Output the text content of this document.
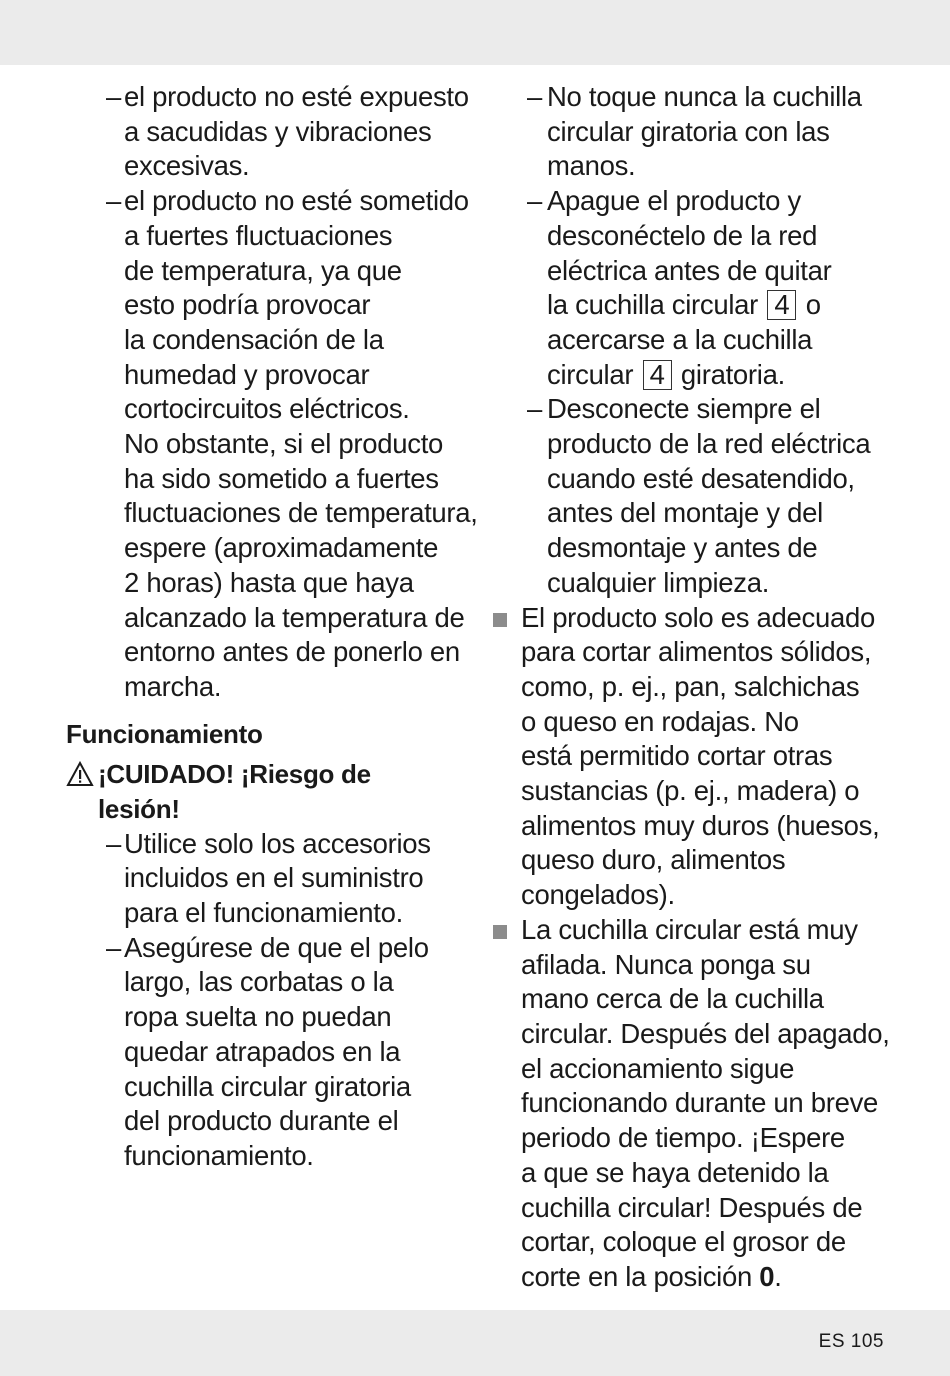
– el producto no esté expuesto
a sacudidas y vibraciones
excesivas.
– el producto no esté sometido
a fuertes fluctuaciones
de temperatura, ya que
esto podría provocar
la condensación de la
humedad y provocar
cortocircuitos eléctricos.
No obstante, si el producto
ha sido sometido a fuertes
fluctuaciones de temperatura,
espere (aproximadamente
2 horas) hasta que haya
alcanzado la temperatura de
entorno antes de ponerlo en
marcha.
Funcionamiento
¡CUIDADO! ¡Riesgo de
lesión!
– Utilice solo los accesorios
incluidos en el suministro
para el funcionamiento.
– Asegúrese de que el pelo
largo, las corbatas o la
ropa suelta no puedan
quedar atrapados en la
cuchilla circular giratoria
del producto durante el
funcionamiento.
– No toque nunca la cuchilla
circular giratoria con las
manos.
– Apague el producto y
desconéctelo de la red
eléctrica antes de quitar
la cuchilla circular 4 o
acercarse a la cuchilla
circular 4 giratoria.
– Desconecte siempre el
producto de la red eléctrica
cuando esté desatendido,
antes del montaje y del
desmontaje y antes de
cualquier limpieza.
El producto solo es adecuado
para cortar alimentos sólidos,
como, p. ej., pan, salchichas
o queso en rodajas. No
está permitido cortar otras
sustancias (p. ej., madera) o
alimentos muy duros (huesos,
queso duro, alimentos
congelados).
La cuchilla circular está muy
afilada. Nunca ponga su
mano cerca de la cuchilla
circular. Después del apagado,
el accionamiento sigue
funcionando durante un breve
periodo de tiempo. ¡Espere
a que se haya detenido la
cuchilla circular! Después de
cortar, coloque el grosor de
corte en la posición 0.
ES 105
